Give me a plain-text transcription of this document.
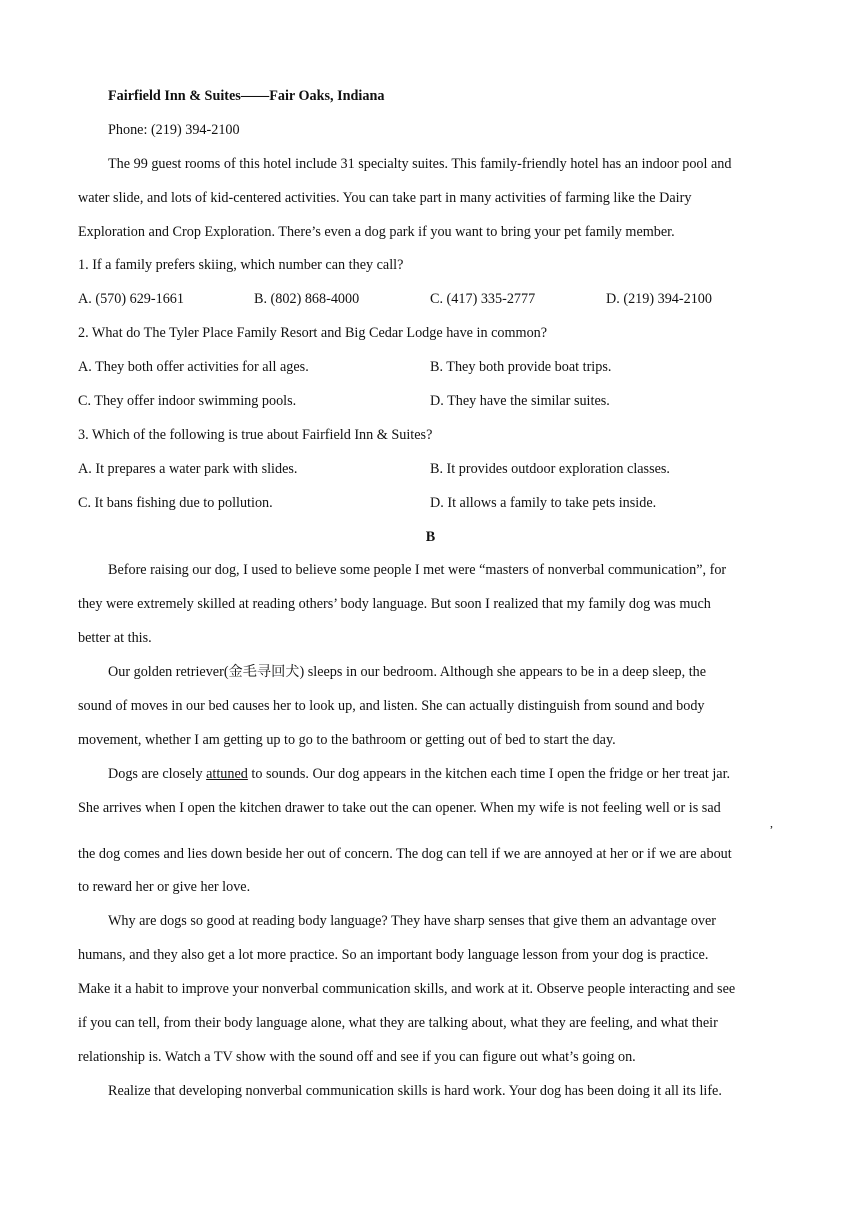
Fairfield Inn & Suites——Fair Oaks, Indiana
Phone: (219) 394-2100
The 99 guest rooms of this hotel include 31 specialty suites. This family-friendly hotel has an indoor pool and
water slide, and lots of kid-centered activities. You can take part in many activities of farming like the Dairy
Exploration and Crop Exploration. There’s even a dog park if you want to bring your pet family member.
1. If a family prefers skiing, which number can they call?
A. (570) 629-1661	B. (802) 868-4000	C. (417) 335-2777	D. (219) 394-2100
2. What do The Tyler Place Family Resort and Big Cedar Lodge have in common?
A. They both offer activities for all ages.	B. They both provide boat trips.
C. They offer indoor swimming pools.	D. They have the similar suites.
3. Which of the following is true about Fairfield Inn & Suites?
A. It prepares a water park with slides.	B. It provides outdoor exploration classes.
C. It bans fishing due to pollution.	D. It allows a family to take pets inside.
B
Before raising our dog, I used to believe some people I met were “masters of nonverbal communication”, for
they were extremely skilled at reading others’ body language. But soon I realized that my family dog was much
better at this.
Our golden retriever(金毛寻回犬) sleeps in our bedroom. Although she appears to be in a deep sleep, the
sound of moves in our bed causes her to look up, and listen. She can actually distinguish from sound and body
movement, whether I am getting up to go to the bathroom or getting out of bed to start the day.
Dogs are closely attuned to sounds. Our dog appears in the kitchen each time I open the fridge or her treat jar.
She arrives when I open the kitchen drawer to take out the can opener. When my wife is not feeling well or is sad
,
the dog comes and lies down beside her out of concern. The dog can tell if we are annoyed at her or if we are about
to reward her or give her love.
Why are dogs so good at reading body language? They have sharp senses that give them an advantage over
humans, and they also get a lot more practice. So an important body language lesson from your dog is practice.
Make it a habit to improve your nonverbal communication skills, and work at it. Observe people interacting and see
if you can tell, from their body language alone, what they are talking about, what they are feeling, and what their
relationship is. Watch a TV show with the sound off and see if you can figure out what’s going on.
Realize that developing nonverbal communication skills is hard work. Your dog has been doing it all its life.
